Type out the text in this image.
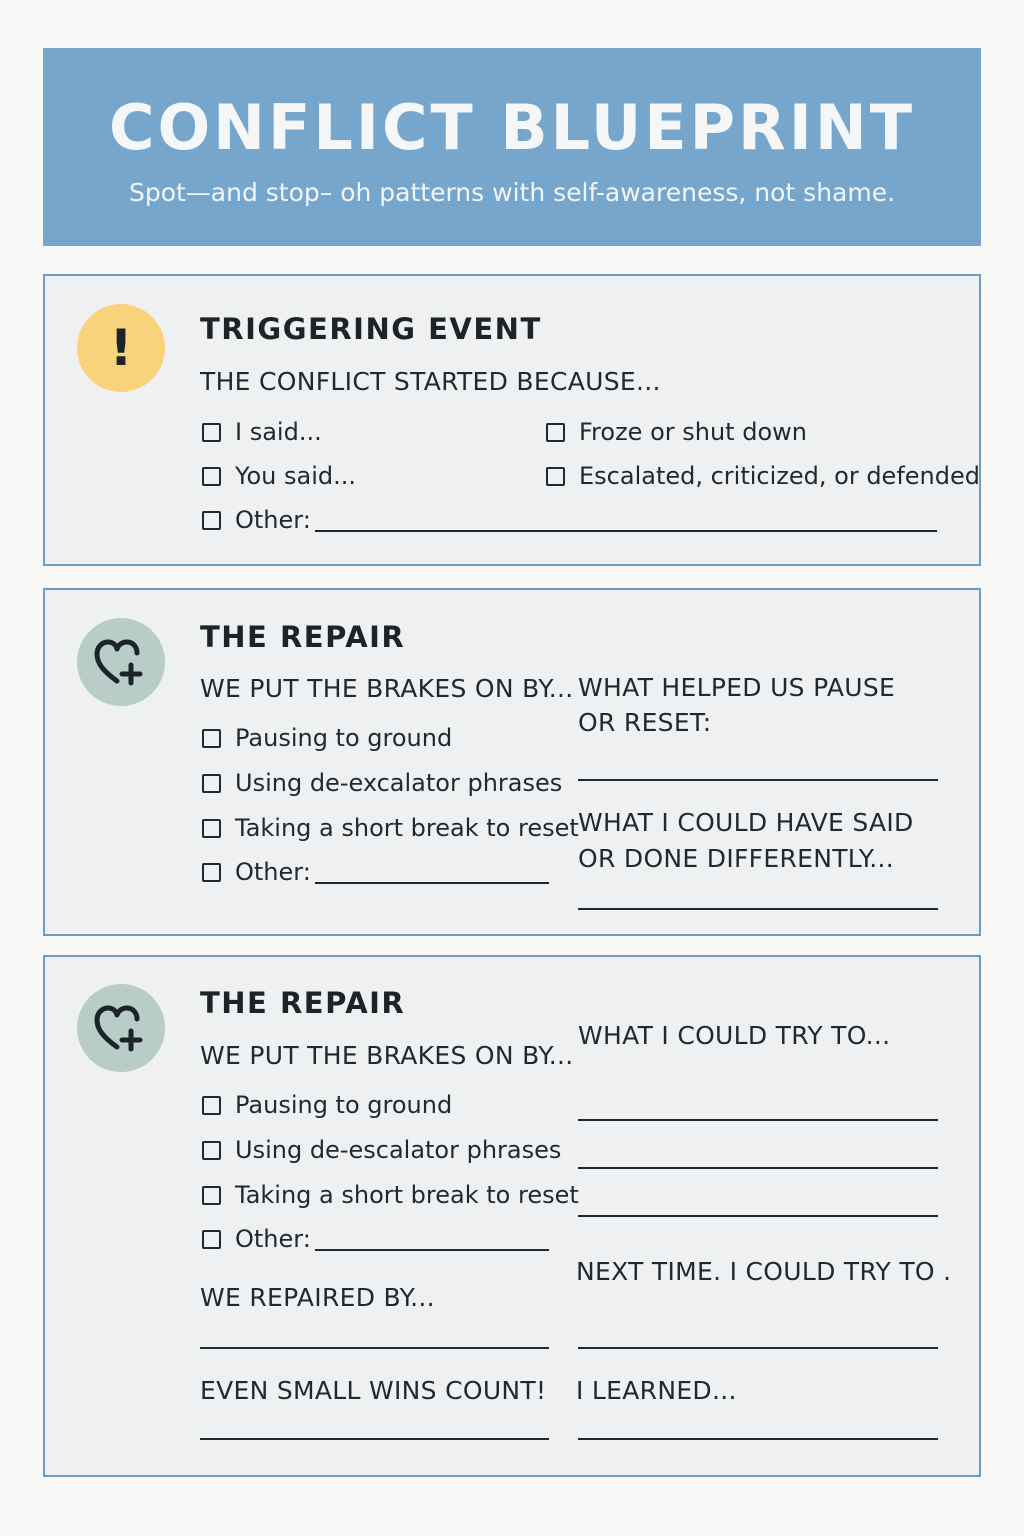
CONFLICT BLUEPRINT
Spot—and stop– oh patterns with self-awareness, not shame.
! TRIGGERING EVENT
THE CONFLICT STARTED BECAUSE...
I said...
You said...
Other:
Froze or shut down
Escalated, criticized, or defended
THE REPAIR
WE PUT THE BRAKES ON BY...
Pausing to ground
Using de-excalator phrases
Taking a short break to reset
Other:
WHAT HELPED US PAUSE
OR RESET:
WHAT I COULD HAVE SAID
OR DONE DIFFERENTLY...
THE REPAIR
WE PUT THE BRAKES ON BY...
Pausing to ground
Using de-escalator phrases
Taking a short break to reset
Other:
WE REPAIRED BY...
EVEN SMALL WINS COUNT!
WHAT I COULD TRY TO...
NEXT TIME. I COULD TRY TO .
I LEARNED...
